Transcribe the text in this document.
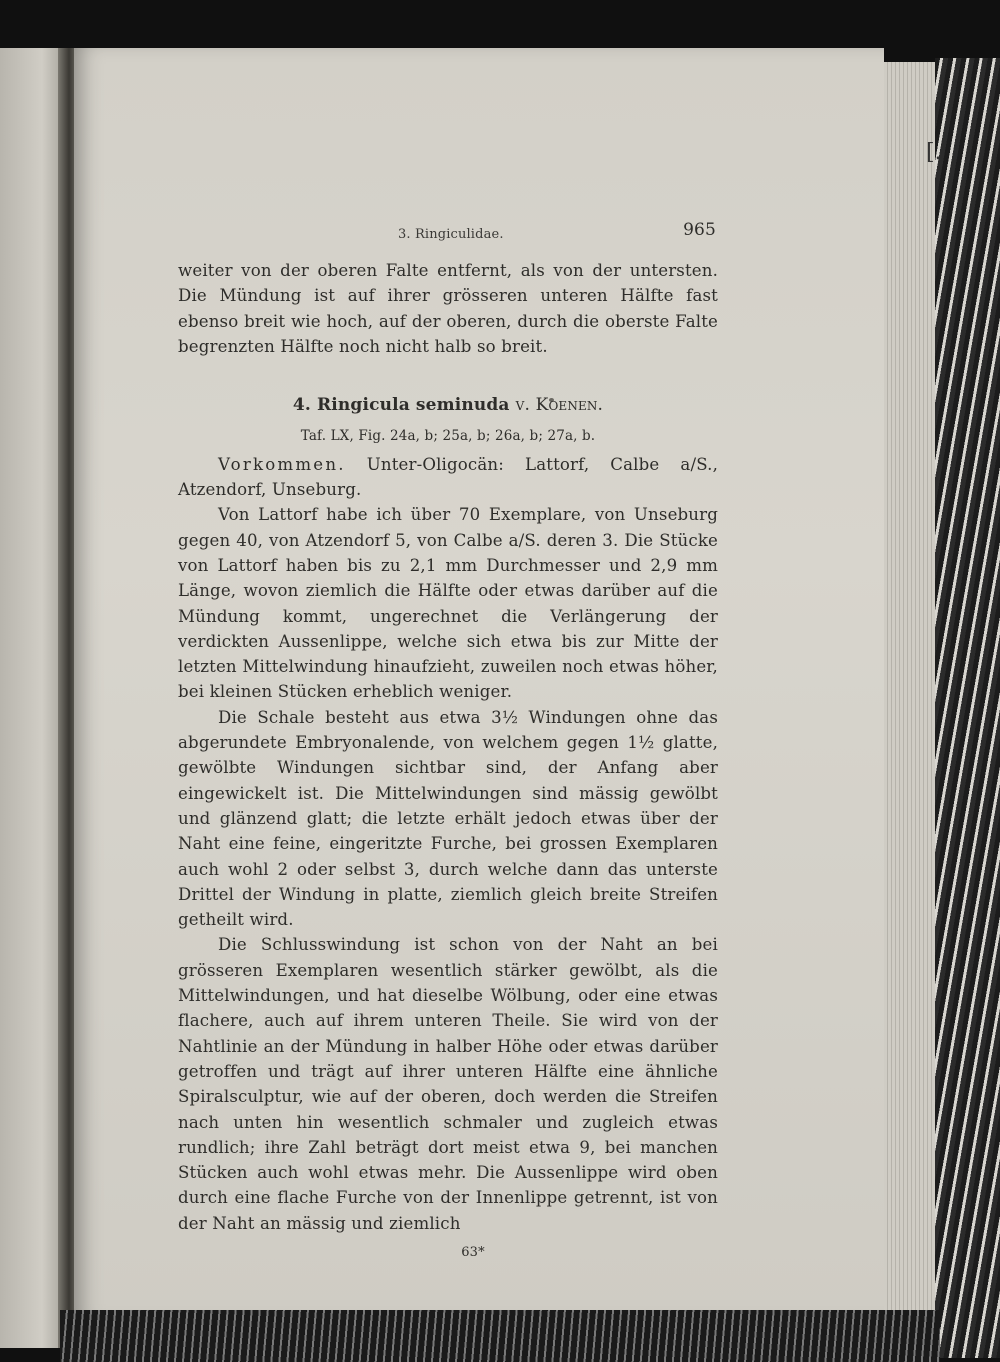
[.
3. Ringiculidae.	965

weiter von der oberen Falte entfernt, als von der untersten. Die Mündung ist auf ihrer grösseren unteren Hälfte fast ebenso breit wie hoch, auf der oberen, durch die oberste Falte begrenzten Hälfte noch nicht halb so breit.

4. Ringicula seminuda v. Koenen.
Taf. LX, Fig. 24a, b; 25a, b; 26a, b; 27a, b.

Vorkommen. Unter-Oligocän: Lattorf, Calbe a/S., Atzendorf, Unseburg.

Von Lattorf habe ich über 70 Exemplare, von Unseburg gegen 40, von Atzendorf 5, von Calbe a/S. deren 3. Die Stücke von Lattorf haben bis zu 2,1 mm Durchmesser und 2,9 mm Länge, wovon ziemlich die Hälfte oder etwas darüber auf die Mündung kommt, ungerechnet die Verlängerung der verdickten Aussenlippe, welche sich etwa bis zur Mitte der letzten Mittelwindung hinaufzieht, zuweilen noch etwas höher, bei kleinen Stücken erheblich weniger.

Die Schale besteht aus etwa 3½ Windungen ohne das abgerundete Embryonalende, von welchem gegen 1½ glatte, gewölbte Windungen sichtbar sind, der Anfang aber eingewickelt ist. Die Mittelwindungen sind mässig gewölbt und glänzend glatt; die letzte erhält jedoch etwas über der Naht eine feine, eingeritzte Furche, bei grossen Exemplaren auch wohl 2 oder selbst 3, durch welche dann das unterste Drittel der Windung in platte, ziemlich gleich breite Streifen getheilt wird.

Die Schlusswindung ist schon von der Naht an bei grösseren Exemplaren wesentlich stärker gewölbt, als die Mittelwindungen, und hat dieselbe Wölbung, oder eine etwas flachere, auch auf ihrem unteren Theile. Sie wird von der Nahtlinie an der Mündung in halber Höhe oder etwas darüber getroffen und trägt auf ihrer unteren Hälfte eine ähnliche Spiralsculptur, wie auf der oberen, doch werden die Streifen nach unten hin wesentlich schmaler und zugleich etwas rundlich; ihre Zahl beträgt dort meist etwa 9, bei manchen Stücken auch wohl etwas mehr. Die Aussenlippe wird oben durch eine flache Furche von der Innenlippe getrennt, ist von der Naht an mässig und ziemlich

63*
